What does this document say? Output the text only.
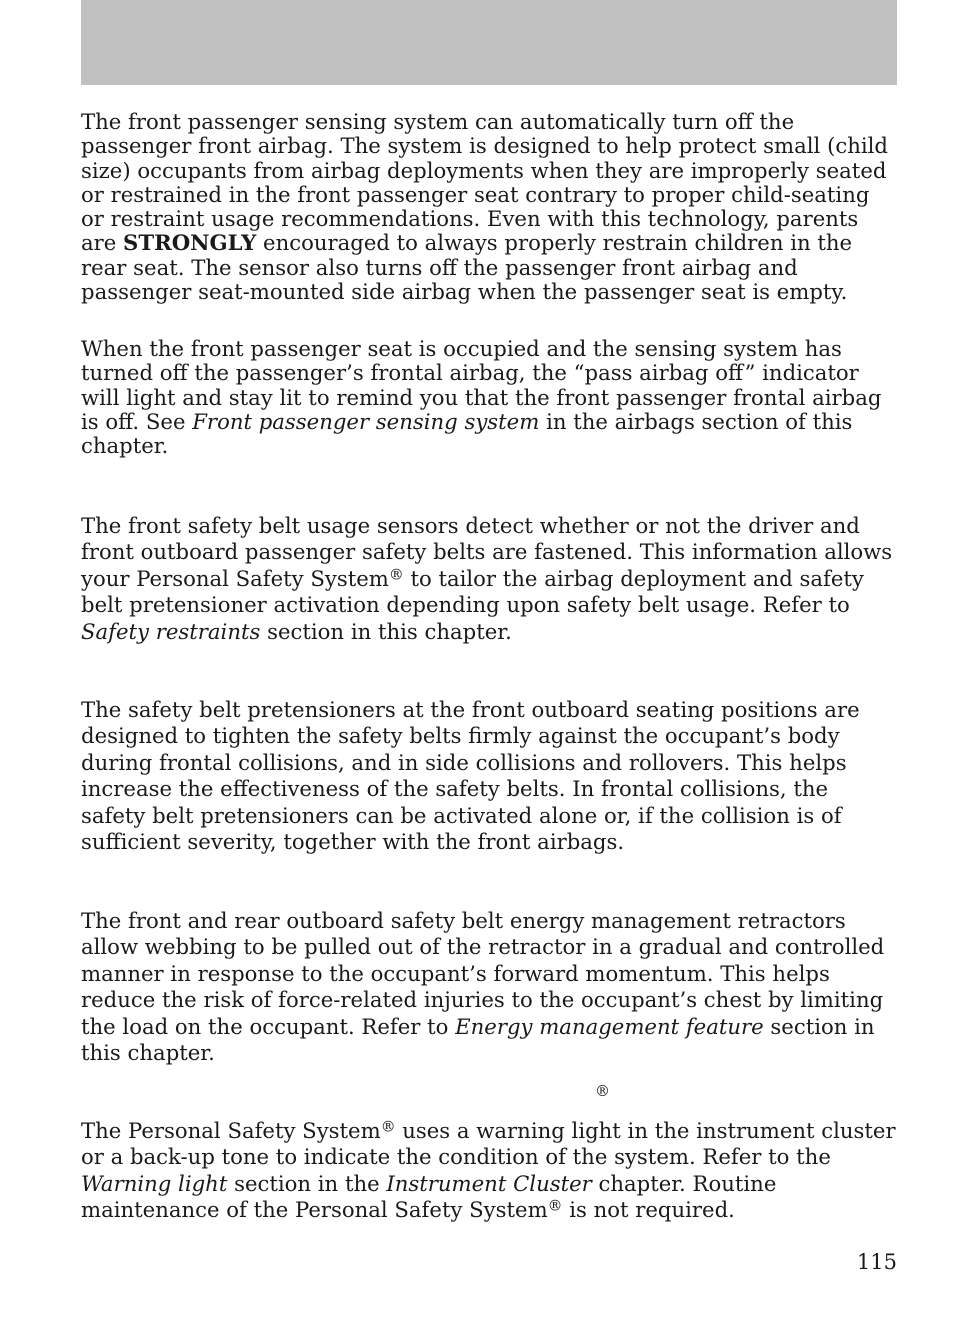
The front passenger sensing system can automatically turn off the passenger front airbag. The system is designed to help protect small (child size) occupants from airbag deployments when they are improperly seated or restrained in the front passenger seat contrary to proper child-seating or restraint usage recommendations. Even with this technology, parents are STRONGLY encouraged to always properly restrain children in the rear seat. The sensor also turns off the passenger front airbag and passenger seat-mounted side airbag when the passenger seat is empty.

When the front passenger seat is occupied and the sensing system has turned off the passenger’s frontal airbag, the “pass airbag off” indicator will light and stay lit to remind you that the front passenger frontal airbag is off. See Front passenger sensing system in the airbags section of this chapter.

The front safety belt usage sensors detect whether or not the driver and front outboard passenger safety belts are fastened. This information allows your Personal Safety System® to tailor the airbag deployment and safety belt pretensioner activation depending upon safety belt usage. Refer to Safety restraints section in this chapter.

The safety belt pretensioners at the front outboard seating positions are designed to tighten the safety belts firmly against the occupant’s body during frontal collisions, and in side collisions and rollovers. This helps increase the effectiveness of the safety belts. In frontal collisions, the safety belt pretensioners can be activated alone or, if the collision is of sufficient severity, together with the front airbags.

The front and rear outboard safety belt energy management retractors allow webbing to be pulled out of the retractor in a gradual and controlled manner in response to the occupant’s forward momentum. This helps reduce the risk of force-related injuries to the occupant’s chest by limiting the load on the occupant. Refer to Energy management feature section in this chapter.

®

The Personal Safety System® uses a warning light in the instrument cluster or a back-up tone to indicate the condition of the system. Refer to the Warning light section in the Instrument Cluster chapter. Routine maintenance of the Personal Safety System® is not required.

115
